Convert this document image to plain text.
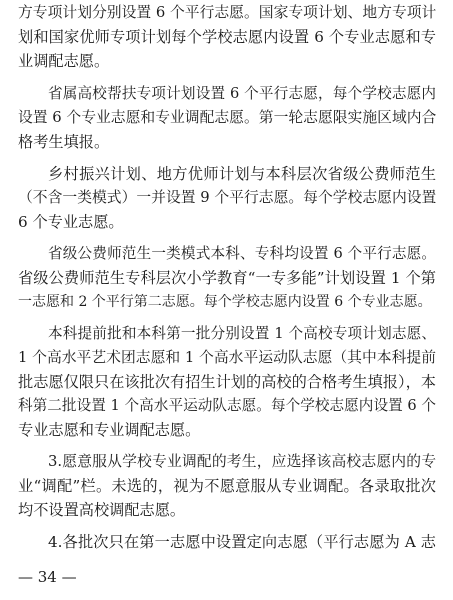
方专项计划分别设置 6 个平行志愿。国家专项计划、地方专项计
划和国家优师专项计划每个学校志愿内设置 6 个专业志愿和专
业调配志愿。
省属高校帮扶专项计划设置 6 个平行志愿，每个学校志愿内
设置 6 个专业志愿和专业调配志愿。第一轮志愿限实施区域内合
格考生填报。
乡村振兴计划、地方优师计划与本科层次省级公费师范生
（不含一类模式）一并设置 9 个平行志愿。每个学校志愿内设置
6 个专业志愿。
省级公费师范生一类模式本科、专科均设置 6 个平行志愿。
省级公费师范生专科层次小学教育“一专多能”计划设置 1 个第
一志愿和 2 个平行第二志愿。每个学校志愿内设置 6 个专业志愿。
本科提前批和本科第一批分别设置 1 个高校专项计划志愿、
1 个高水平艺术团志愿和 1 个高水平运动队志愿（其中本科提前
批志愿仅限只在该批次有招生计划的高校的合格考生填报），本
科第二批设置 1 个高水平运动队志愿。每个学校志愿内设置 6 个
专业志愿和专业调配志愿。
3.愿意服从学校专业调配的考生，应选择该高校志愿内的专
业“调配”栏。未选的，视为不愿意服从专业调配。各录取批次
均不设置高校调配志愿。
4.各批次只在第一志愿中设置定向志愿（平行志愿为 A 志
— 34 —
